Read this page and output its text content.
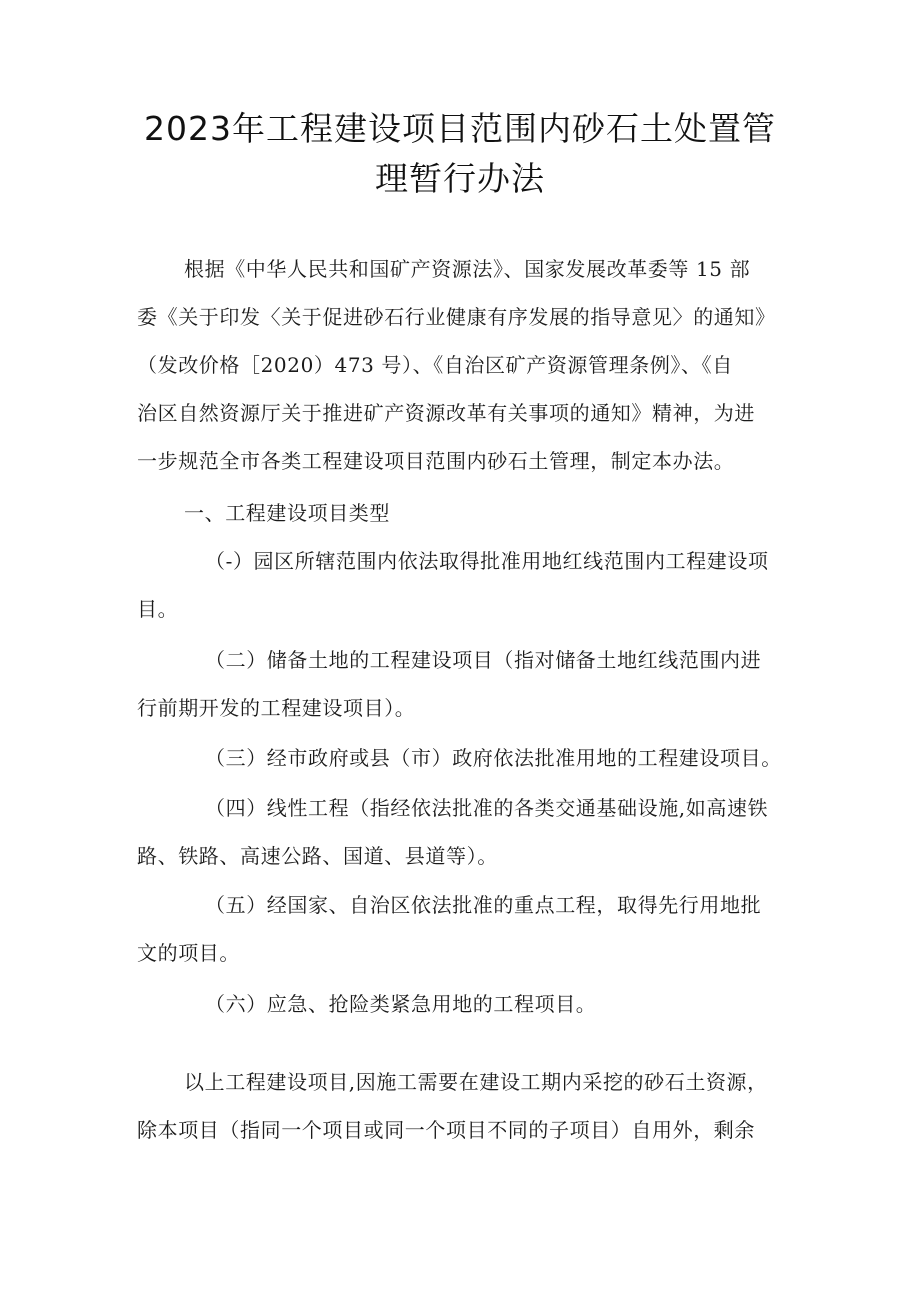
2023年工程建设项目范围内砂石土处置管
理暂行办法
根据《中华人民共和国矿产资源法》、国家发展改革委等 15 部
委《关于印发〈关于促进砂石行业健康有序发展的指导意见〉的通知》
（发改价格［2020）473 号）、《自治区矿产资源管理条例》、《自
治区自然资源厅关于推进矿产资源改革有关事项的通知》精神，为进
一步规范全市各类工程建设项目范围内砂石土管理，制定本办法。
一、工程建设项目类型
（-）园区所辖范围内依法取得批准用地红线范围内工程建设项
目。
（二）储备土地的工程建设项目（指对储备土地红线范围内进
行前期开发的工程建设项目）。
（三）经市政府或县（市）政府依法批准用地的工程建设项目。
（四）线性工程（指经依法批准的各类交通基础设施,如高速铁
路、铁路、高速公路、国道、县道等）。
（五）经国家、自治区依法批准的重点工程，取得先行用地批
文的项目。
（六）应急、抢险类紧急用地的工程项目。
以上工程建设项目,因施工需要在建设工期内采挖的砂石土资源，
除本项目（指同一个项目或同一个项目不同的子项目）自用外，剩余
